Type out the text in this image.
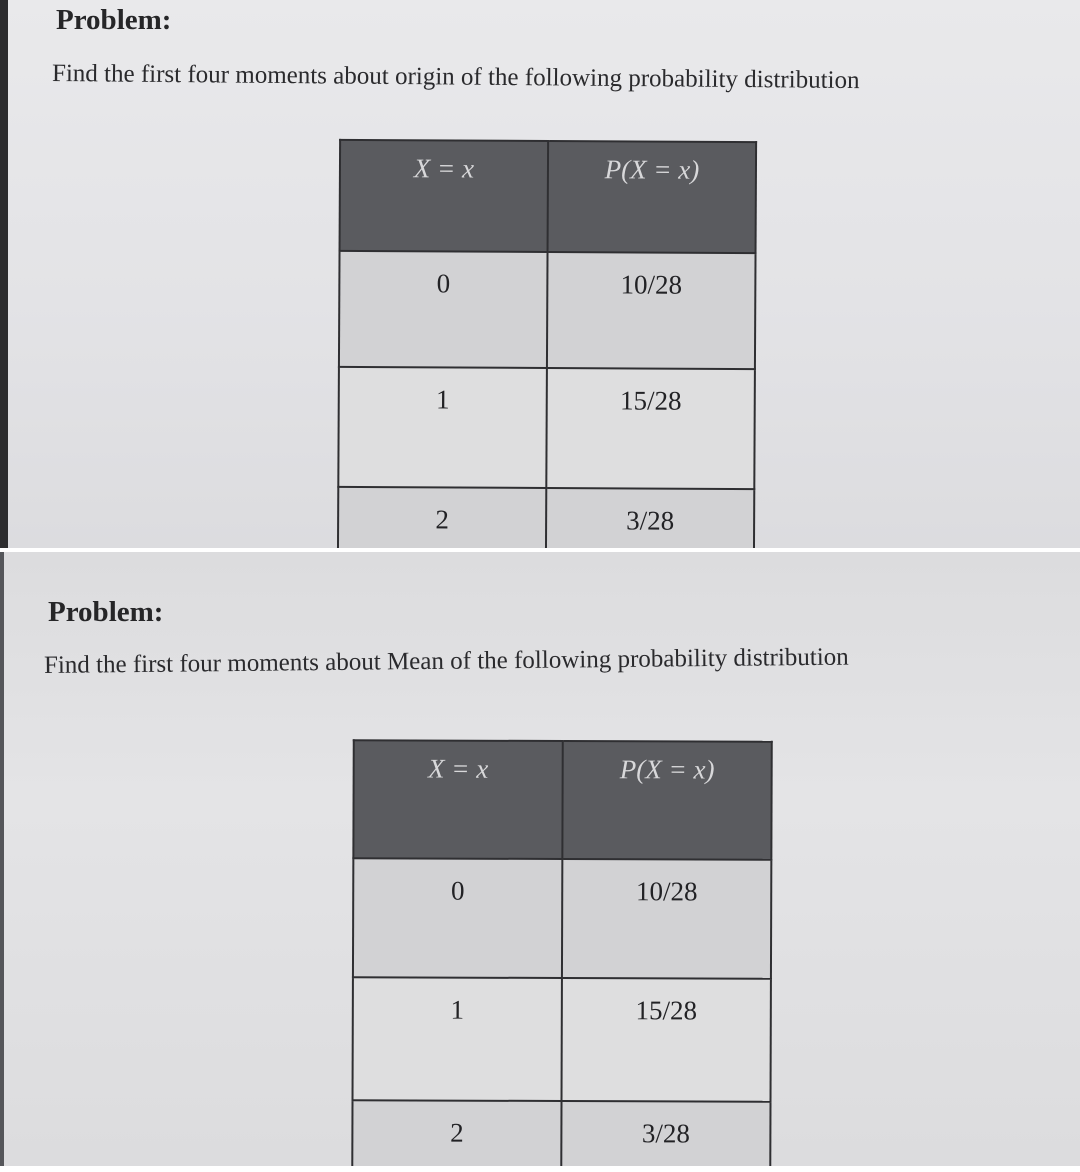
Problem:

Find the first four moments about origin of the following probability distribution

X = x	P(X = x)
0	10/28
1	15/28
2	3/28
Problem:

Find the first four moments about Mean of the following probability distribution

X = x	P(X = x)
0	10/28
1	15/28
2	3/28
